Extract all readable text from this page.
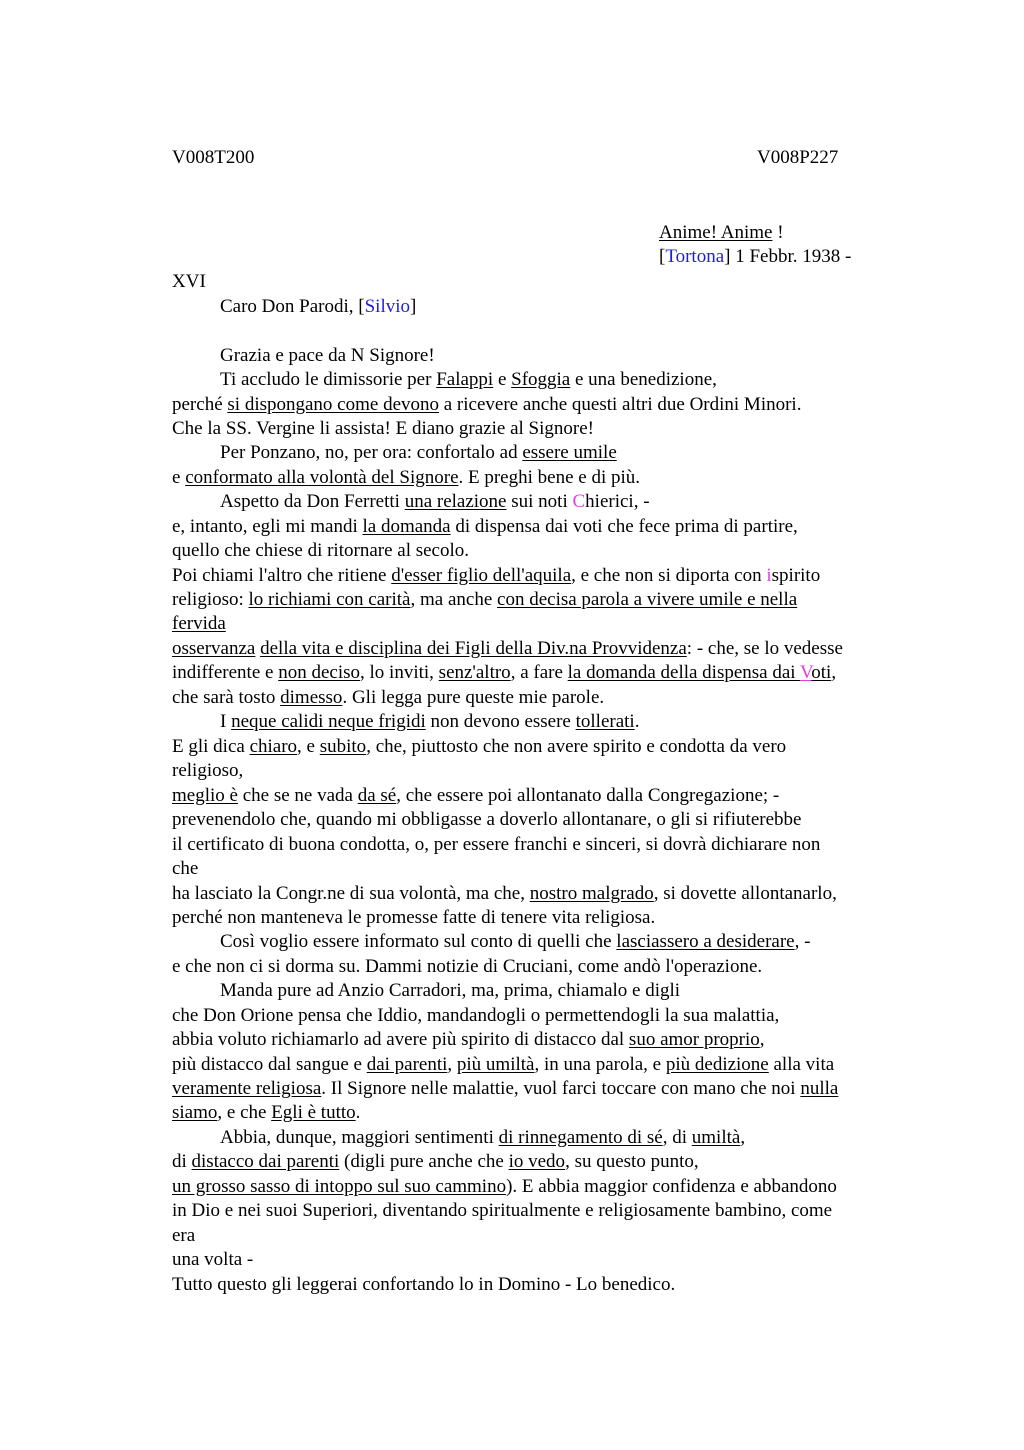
V008T200	V008P227
Anime! Anime !
[Tortona] 1 Febbr. 1938 -
XVI
Caro Don Parodi, [Silvio]
Grazia e pace da N Signore!
Ti accludo le dimissorie per Falappi e Sfoggia e una benedizione,
perché si dispongano come devono a ricevere anche questi altri due Ordini Minori.
Che la SS. Vergine li assista! E diano grazie al Signore!
Per Ponzano, no, per ora: confortalo ad essere umile
e conformato alla volontà del Signore. E preghi bene e di più.
Aspetto da Don Ferretti una relazione sui noti Chierici, -
e, intanto, egli mi mandi la domanda di dispensa dai voti che fece prima di partire,
quello che chiese di ritornare al secolo.
Poi chiami l'altro che ritiene d'esser figlio dell'aquila, e che non si diporta con ispirito
religioso: lo richiami con carità, ma anche con decisa parola a vivere umile e nella
fervida
osservanza della vita e disciplina dei Figli della Div.na Provvidenza: - che, se lo vedesse
indifferente e non deciso, lo inviti, senz'altro, a fare la domanda della dispensa dai Voti,
che sarà tosto dimesso. Gli legga pure queste mie parole.
I neque calidi neque frigidi non devono essere tollerati.
E gli dica chiaro, e subito, che, piuttosto che non avere spirito e condotta da vero
religioso,
meglio è che se ne vada da sé, che essere poi allontanato dalla Congregazione; -
prevenendolo che, quando mi obbligasse a doverlo allontanare, o gli si rifiuterebbe
il certificato di buona condotta, o, per essere franchi e sinceri, si dovrà dichiarare non
che
ha lasciato la Congr.ne di sua volontà, ma che, nostro malgrado, si dovette allontanarlo,
perché non manteneva le promesse fatte di tenere vita religiosa.
Così voglio essere informato sul conto di quelli che lasciassero a desiderare, -
e che non ci si dorma su. Dammi notizie di Cruciani, come andò l'operazione.
Manda pure ad Anzio Carradori, ma, prima, chiamalo e digli
che Don Orione pensa che Iddio, mandandogli o permettendogli la sua malattia,
abbia voluto richiamarlo ad avere più spirito di distacco dal suo amor proprio,
più distacco dal sangue e dai parenti, più umiltà, in una parola, e più dedizione alla vita
veramente religiosa. Il Signore nelle malattie, vuol farci toccare con mano che noi nulla
siamo, e che Egli è tutto.
Abbia, dunque, maggiori sentimenti di rinnegamento di sé, di umiltà,
di distacco dai parenti (digli pure anche che io vedo, su questo punto,
un grosso sasso di intoppo sul suo cammino). E abbia maggior confidenza e abbandono
in Dio e nei suoi Superiori, diventando spiritualmente e religiosamente bambino, come
era
una volta -
Tutto questo gli leggerai confortando lo in Domino - Lo benedico.
